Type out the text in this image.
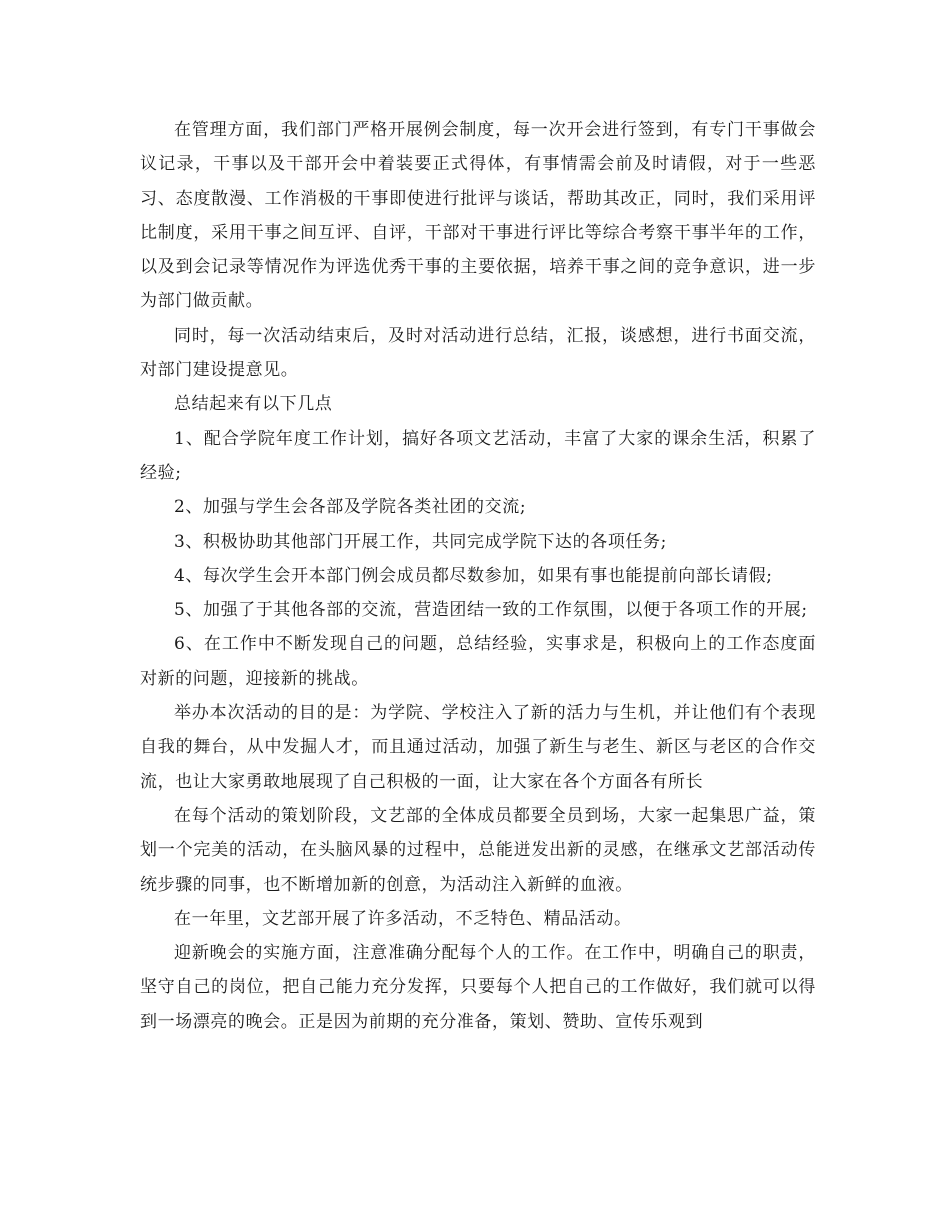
在管理方面，我们部门严格开展例会制度，每一次开会进行签到，有专门干事做会议记录，干事以及干部开会中着装要正式得体，有事情需会前及时请假，对于一些恶习、态度散漫、工作消极的干事即使进行批评与谈话，帮助其改正，同时，我们采用评比制度，采用干事之间互评、自评，干部对干事进行评比等综合考察干事半年的工作，以及到会记录等情况作为评选优秀干事的主要依据，培养干事之间的竞争意识，进一步为部门做贡献。

同时，每一次活动结束后，及时对活动进行总结，汇报，谈感想，进行书面交流，对部门建设提意见。

总结起来有以下几点

1、配合学院年度工作计划，搞好各项文艺活动，丰富了大家的课余生活，积累了经验;

2、加强与学生会各部及学院各类社团的交流;

3、积极协助其他部门开展工作，共同完成学院下达的各项任务;

4、每次学生会开本部门例会成员都尽数参加，如果有事也能提前向部长请假;

5、加强了于其他各部的交流，营造团结一致的工作氛围，以便于各项工作的开展;

6、在工作中不断发现自己的问题，总结经验，实事求是，积极向上的工作态度面对新的问题，迎接新的挑战。

举办本次活动的目的是：为学院、学校注入了新的活力与生机，并让他们有个表现自我的舞台，从中发掘人才，而且通过活动，加强了新生与老生、新区与老区的合作交流，也让大家勇敢地展现了自己积极的一面，让大家在各个方面各有所长

在每个活动的策划阶段，文艺部的全体成员都要全员到场，大家一起集思广益，策划一个完美的活动，在头脑风暴的过程中，总能迸发出新的灵感，在继承文艺部活动传统步骤的同事，也不断增加新的创意，为活动注入新鲜的血液。

在一年里，文艺部开展了许多活动，不乏特色、精品活动。

迎新晚会的实施方面，注意准确分配每个人的工作。在工作中，明确自己的职责，坚守自己的岗位，把自己能力充分发挥，只要每个人把自己的工作做好，我们就可以得到一场漂亮的晚会。正是因为前期的充分准备，策划、赞助、宣传乐观到
